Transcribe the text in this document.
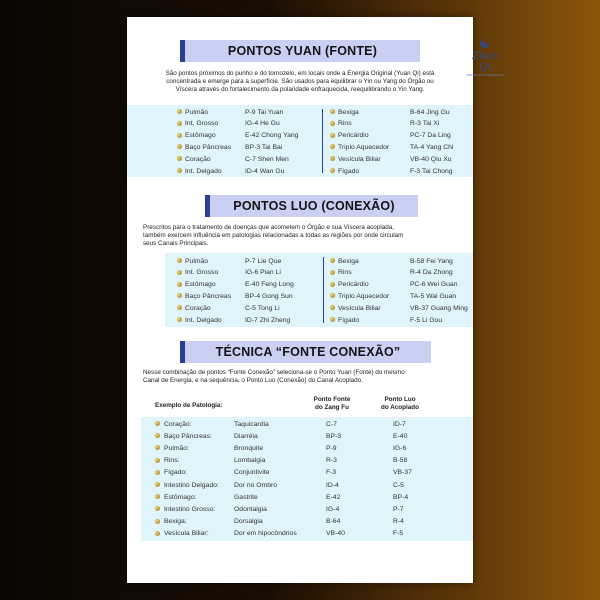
☯
Zhen Qi
TERAPIAS INTEGRATIVAS
PONTOS YUAN (FONTE)
São pontos próximos do punho e do tornozelo, em locais onde a Energia Original (Yuan Qi) está
concentrada e emerge para a superfície. São usados para equilibrar o Yin ou Yang do Órgão ou
Víscera através do fortalecimento da polaridade enfraquecida, reequilibrando o Yin Yang.
Pulmão	P-9 Tai Yuan
Int. Grosso	IG-4 He Gu
Estômago	E-42 Chong Yang
Baço Pâncreas BP-3 Tai Bai
Coração	C-7 Shen Men
Int. Delgado	ID-4 Wan Gu
Bexiga	B-64 Jing Gu
Rins	R-3 Tai Xi
Pericárdio	PC-7 Da Ling
Triplo Aquecedor	TA-4 Yang Chi
Vesícula Biliar	VB-40 Qiu Xu
Fígado	F-3 Tai Chong
PONTOS LUO (CONEXÃO)
Prescritos para o tratamento de doenças que acometem o Órgão e sua Víscera acoplada,
também exercem influência em patologias relacionadas a todas as regiões por onde circulam
seus Canais Principais.
Pulmão	P-7 Lie Que
Int. Grosso	IG-6 Pian Li
Estômago	E-40 Feng Long
Baço Pâncreas BP-4 Gong Sun
Coração	C-5 Tong Li
Int. Delgado	ID-7 Zhi Zheng
Bexiga	B-58 Fei Yang
Rins	R-4 Da Zhong
Pericárdio	PC-6 Wei Guan
Triplo Aquecedor	TA-5 Wai Guan
Vesícula Biliar	VB-37 Guang Ming
Fígado	F-5 Li Gou
TÉCNICA “FONTE CONEXÃO”
Nesse combinação de pontos “Fonte Conexão” seleciona-se o Ponto Yuan (Fonte) do mesmo
Canal de Energia, e na sequência, o Ponto Luo (Conexão) do Canal Acoplado.
Exemplo de Patologia:
Ponto Fonte
do Zang Fu
Ponto Luo
do Acoplado
Coração:	Taquicardia	C-7	ID-7
Baço Pâncreas:	Diarréia	BP-3	E-40
Pulmão:	Bronquite	P-9	IG-6
Rins:	Lombalgia	R-3	B-58
Fígado:	Conjuntivite	F-3	VB-37
Intestino Delgado: Dor no Ombro	ID-4	C-5
Estômago:	Gastrite	E-42	BP-4
Intestino Grosso:	Odontalgia	IG-4	P-7
Bexiga:	Dorsalgia	B-64	R-4
Vesícula Biliar:	Dor em hipocôndrios	VB-40	F-5
